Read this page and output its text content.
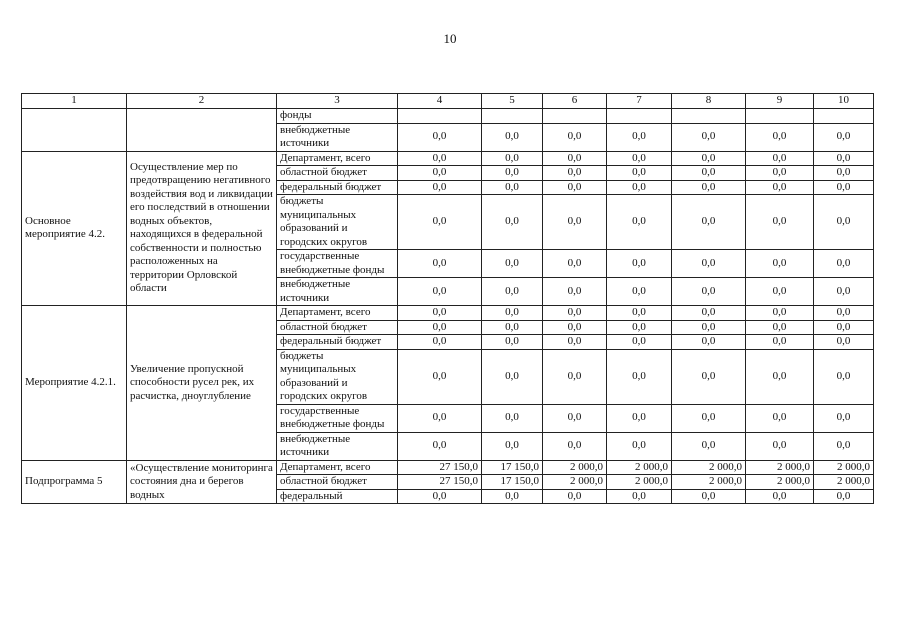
10
1	2	3	4	5	6	7	8	9	10
		фонды							
		внебюджетные источники	0,0	0,0	0,0	0,0	0,0	0,0	0,0
Основное мероприятие 4.2.	Осуществление мер по предотвращению негативного воздействия вод и ликвидации его последствий в отношении водных объектов, находящихся в федеральной собственности и полностью расположенных на территории Орловской области	Департамент, всего	0,0	0,0	0,0	0,0	0,0	0,0	0,0
		областной бюджет	0,0	0,0	0,0	0,0	0,0	0,0	0,0
		федеральный бюджет	0,0	0,0	0,0	0,0	0,0	0,0	0,0
		бюджеты муниципальных образований и городских округов	0,0	0,0	0,0	0,0	0,0	0,0	0,0
		государственные внебюджетные фонды	0,0	0,0	0,0	0,0	0,0	0,0	0,0
		внебюджетные источники	0,0	0,0	0,0	0,0	0,0	0,0	0,0
Мероприятие 4.2.1.	Увеличение пропускной способности русел рек, их расчистка, дноуглубление	Департамент, всего	0,0	0,0	0,0	0,0	0,0	0,0	0,0
		областной бюджет	0,0	0,0	0,0	0,0	0,0	0,0	0,0
		федеральный бюджет	0,0	0,0	0,0	0,0	0,0	0,0	0,0
		бюджеты муниципальных образований и городских округов	0,0	0,0	0,0	0,0	0,0	0,0	0,0
		государственные внебюджетные фонды	0,0	0,0	0,0	0,0	0,0	0,0	0,0
		внебюджетные источники	0,0	0,0	0,0	0,0	0,0	0,0	0,0
Подпрограмма 5	«Осуществление мониторинга состояния дна и берегов водных	Департамент, всего	27 150,0	17 150,0	2 000,0	2 000,0	2 000,0	2 000,0	2 000,0
		областной бюджет	27 150,0	17 150,0	2 000,0	2 000,0	2 000,0	2 000,0	2 000,0
		федеральный	0,0	0,0	0,0	0,0	0,0	0,0	0,0
